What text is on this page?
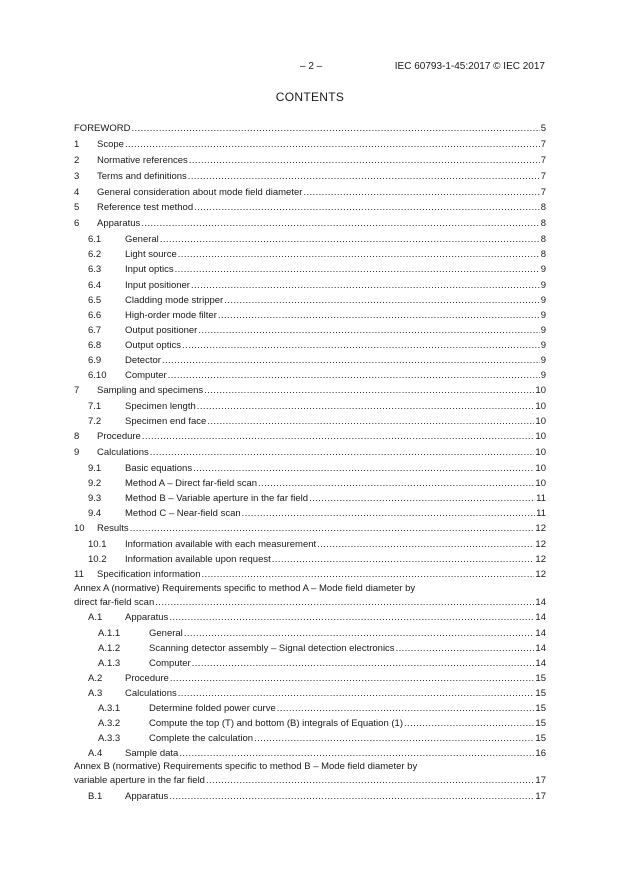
– 2 –	IEC 60793-1-45:2017 © IEC 2017
CONTENTS
FOREWORD .....	5
1	Scope .....	7
2	Normative references .....	7
3	Terms and definitions .....	7
4	General consideration about mode field diameter .....	7
5	Reference test method .....	8
6	Apparatus .....	8
6.1	General .....	8
6.2	Light source .....	8
6.3	Input optics .....	9
6.4	Input positioner .....	9
6.5	Cladding mode stripper .....	9
6.6	High-order mode filter .....	9
6.7	Output positioner .....	9
6.8	Output optics .....	9
6.9	Detector .....	9
6.10	Computer .....	9
7	Sampling and specimens .....	10
7.1	Specimen length .....	10
7.2	Specimen end face .....	10
8	Procedure .....	10
9	Calculations .....	10
9.1	Basic equations .....	10
9.2	Method A – Direct far-field scan .....	10
9.3	Method B – Variable aperture in the far field .....	11
9.4	Method C – Near-field scan .....	11
10	Results .....	12
10.1	Information available with each measurement .....	12
10.2	Information available upon request .....	12
11	Specification information .....	12
Annex A (normative) Requirements specific to method A – Mode field diameter by
direct far-field scan .....	14
A.1	Apparatus .....	14
A.1.1	General .....	14
A.1.2	Scanning detector assembly – Signal detection electronics .....	14
A.1.3	Computer .....	14
A.2	Procedure .....	15
A.3	Calculations .....	15
A.3.1	Determine folded power curve .....	15
A.3.2	Compute the top (T) and bottom (B) integrals of Equation (1) .....	15
A.3.3	Complete the calculation .....	15
A.4	Sample data .....	16
Annex B (normative) Requirements specific to method B – Mode field diameter by
variable aperture in the far field .....	17
B.1	Apparatus .....	17
